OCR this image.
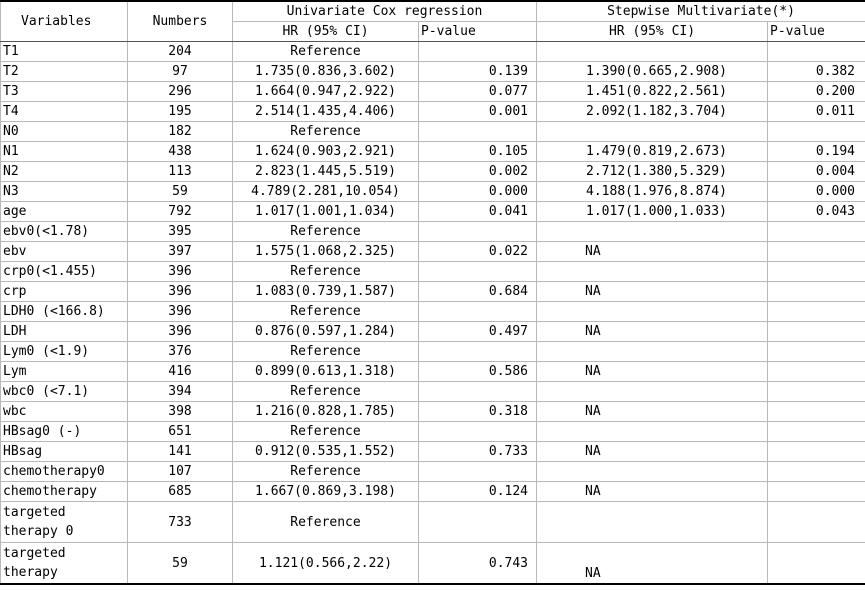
Variables	Numbers	Univariate Cox regression		Stepwise Multivariate(*)	
		HR (95% CI)	P-value	HR (95% CI)	P-value
T1	204	Reference			
T2	97	1.735(0.836,3.602)	0.139	1.390(0.665,2.908)	0.382
T3	296	1.664(0.947,2.922)	0.077	1.451(0.822,2.561)	0.200
T4	195	2.514(1.435,4.406)	0.001	2.092(1.182,3.704)	0.011
N0	182	Reference			
N1	438	1.624(0.903,2.921)	0.105	1.479(0.819,2.673)	0.194
N2	113	2.823(1.445,5.519)	0.002	2.712(1.380,5.329)	0.004
N3	59	4.789(2.281,10.054)	0.000	4.188(1.976,8.874)	0.000
age	792	1.017(1.001,1.034)	0.041	1.017(1.000,1.033)	0.043
ebv0(<1.78)	395	Reference			
ebv	397	1.575(1.068,2.325)	0.022	NA	
crp0(<1.455)	396	Reference			
crp	396	1.083(0.739,1.587)	0.684	NA	
LDH0 (<166.8)	396	Reference			
LDH	396	0.876(0.597,1.284)	0.497	NA	
Lym0 (<1.9)	376	Reference			
Lym	416	0.899(0.613,1.318)	0.586	NA	
wbc0 (<7.1)	394	Reference			
wbc	398	1.216(0.828,1.785)	0.318	NA	
HBsag0 (-)	651	Reference			
HBsag	141	0.912(0.535,1.552)	0.733	NA	
chemotherapy0	107	Reference			
chemotherapy	685	1.667(0.869,3.198)	0.124	NA	
targeted therapy 0	733	Reference			
targeted therapy	59	1.121(0.566,2.22)	0.743	NA	
